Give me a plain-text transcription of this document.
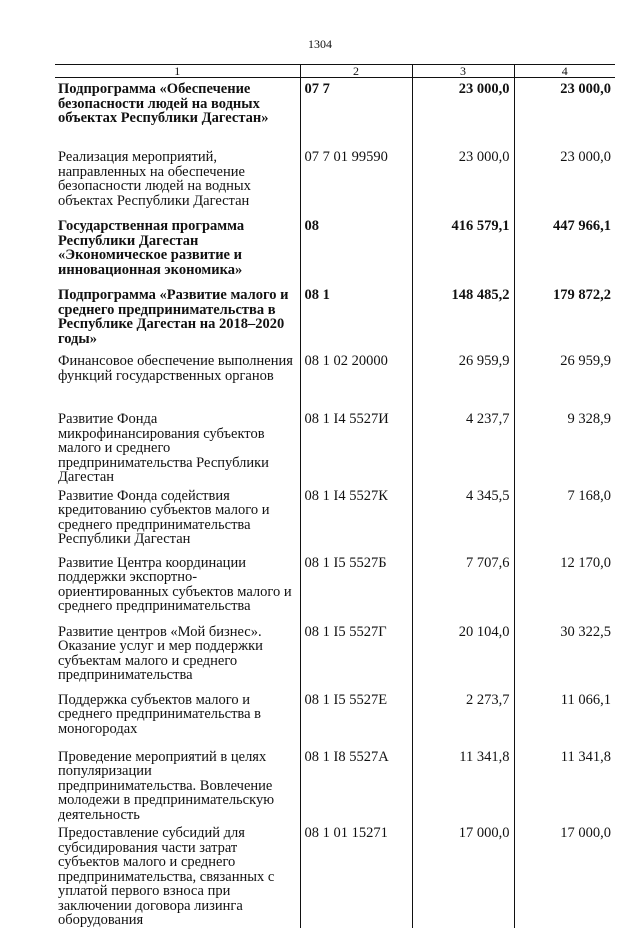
1304
1	2	3	4
Подпрограмма «Обеспечение безопасности людей на водных объектах Республики Дагестан»	07 7	23 000,0	23 000,0
Реализация мероприятий, направленных на обеспечение безопасности людей на водных объектах Республики Дагестан	07 7 01 99590	23 000,0	23 000,0
Государственная программа Республики Дагестан «Экономическое развитие и инновационная экономика»	08	416 579,1	447 966,1
Подпрограмма «Развитие малого и среднего предпринимательства в Республике Дагестан на 2018–2020 годы»	08 1	148 485,2	179 872,2
Финансовое обеспечение выполнения функций государственных органов	08 1 02 20000	26 959,9	26 959,9
Развитие Фонда микрофинансирования субъектов малого и среднего предпринимательства Республики Дагестан	08 1 I4 5527И	4 237,7	9 328,9
Развитие Фонда содействия кредитованию субъектов малого и среднего предпринимательства Республики Дагестан	08 1 I4 5527К	4 345,5	7 168,0
Развитие Центра координации поддержки экспортно-ориентированных субъектов малого и среднего предпринимательства	08 1 I5 5527Б	7 707,6	12 170,0
Развитие центров «Мой бизнес». Оказание услуг и мер поддержки субъектам малого и среднего предпринимательства	08 1 I5 5527Г	20 104,0	30 322,5
Поддержка субъектов малого и среднего предпринимательства в моногородах	08 1 I5 5527Е	2 273,7	11 066,1
Проведение мероприятий в целях популяризации предпринимательства. Вовлечение молодежи в предпринимательскую деятельность	08 1 I8 5527А	11 341,8	11 341,8
Предоставление субсидий для субсидирования части затрат субъектов малого и среднего предпринимательства, связанных с уплатой первого взноса при заключении договора лизинга оборудования	08 1 01 15271	17 000,0	17 000,0
